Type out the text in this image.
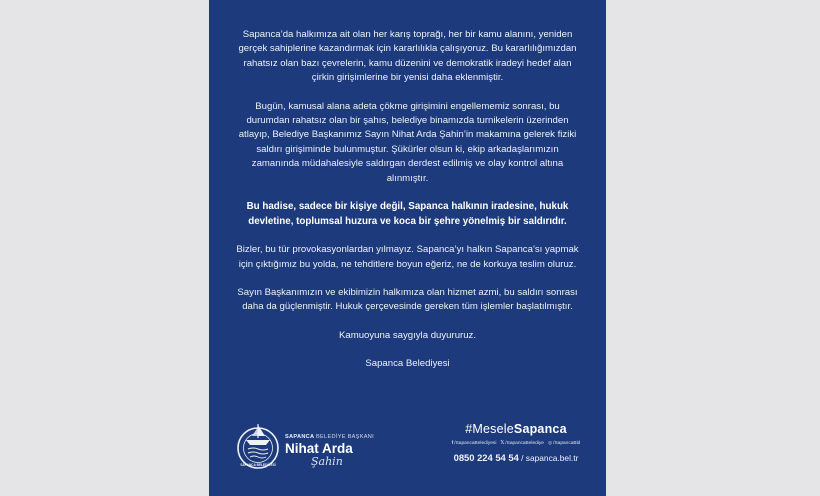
Sapanca’da halkımıza ait olan her karış toprağı, her bir kamu alanını, yeniden gerçek sahiplerine kazandırmak için kararlılıkla çalışıyoruz. Bu kararlılığımızdan rahatsız olan bazı çevrelerin, kamu düzenini ve demokratik iradeyi hedef alan çirkin girişimlerine bir yenisi daha eklenmiştir.

Bugün, kamusal alana adeta çökme girişimini engellememiz sonrası, bu durumdan rahatsız olan bir şahıs, belediye binamızda turnikelerin üzerinden atlayıp, Belediye Başkanımız Sayın Nihat Arda Şahin’in makamına gelerek fiziki saldırı girişiminde bulunmuştur. Şükürler olsun ki, ekip arkadaşlarımızın zamanında müdahalesiyle saldırgan derdest edilmiş ve olay kontrol altına alınmıştır.

Bu hadise, sadece bir kişiye değil, Sapanca halkının iradesine, hukuk devletine, toplumsal huzura ve koca bir şehre yönelmiş bir saldırıdır.

Bizler, bu tür provokasyonlardan yılmayız. Sapanca’yı halkın Sapanca’sı yapmak için çıktığımız bu yolda, ne tehditlere boyun eğeriz, ne de korkuya teslim oluruz.

Sayın Başkanımızın ve ekibimizin halkımıza olan hizmet azmi, bu saldırı sonrası daha da güçlenmiştir. Hukuk çerçevesinde gereken tüm işlemler başlatılmıştır.

Kamuoyuna saygıyla duyururuz.

Sapanca Belediyesi

SAPANCA BELEDİYESİ
SAPANCA BELEDİYE BAŞKANI
Nihat Arda
Şahin
#MeseleSapanca
f/SapancaBelediyesi 𝕏/SapancaBelediye ◎/SapancaBld
0850 224 54 54 / sapanca.bel.tr
